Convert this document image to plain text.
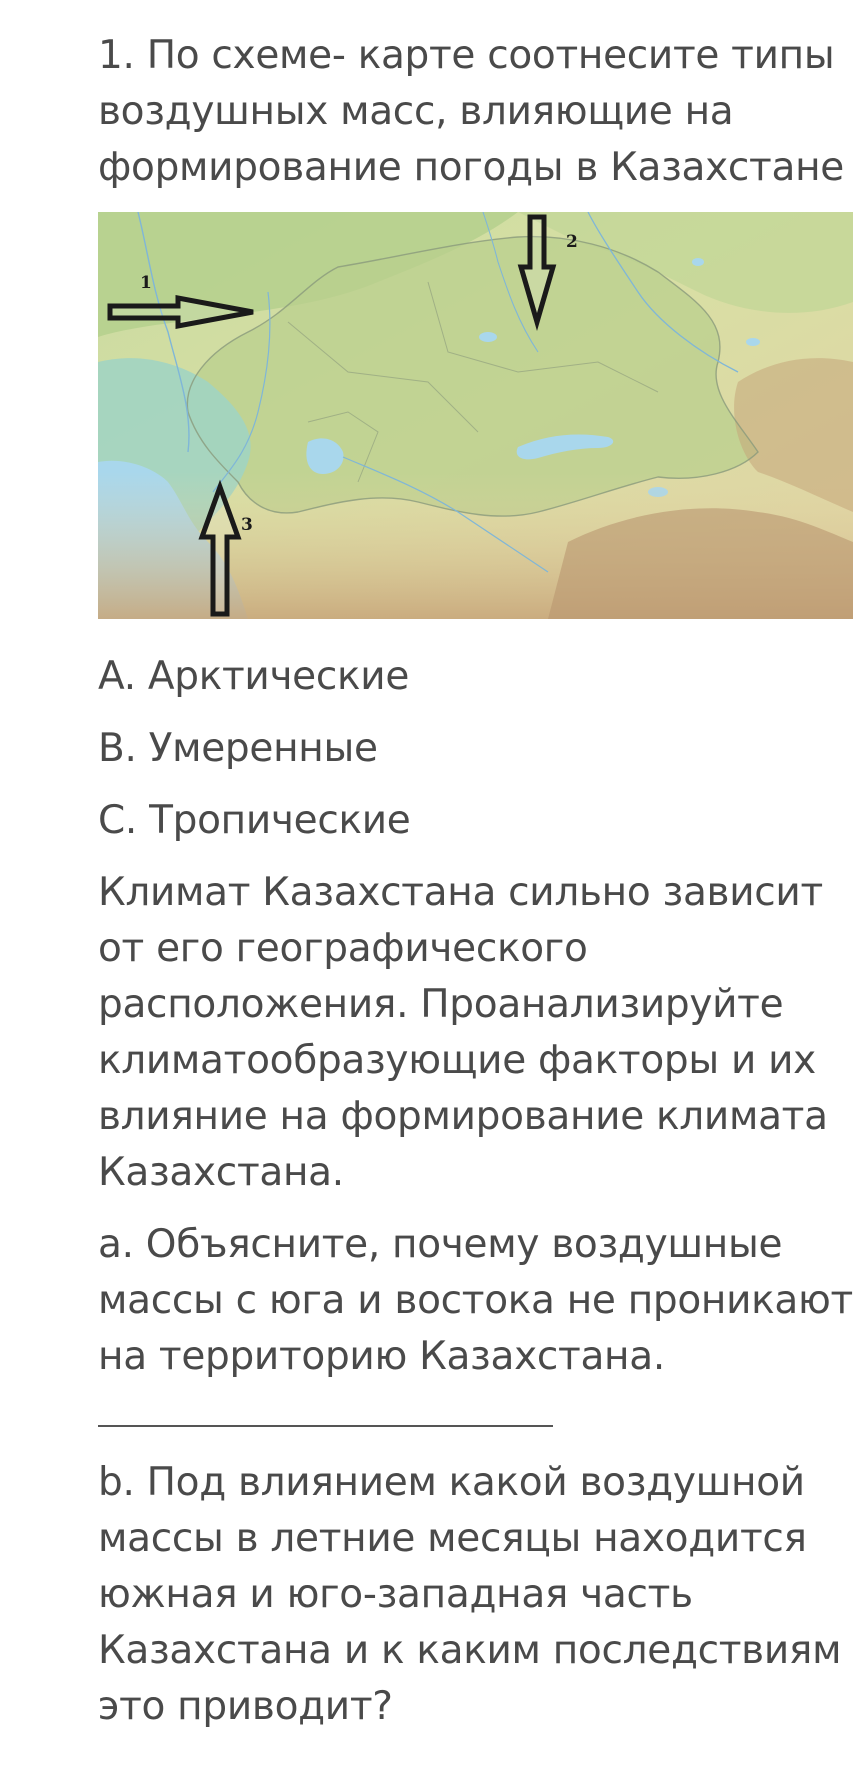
1. По схеме- карте соотнесите типы воздушных масс, влияющие на формирование погоды в Казахстане

1
2
3

A. Арктические

B. Умеренные

C. Тропические

Климат Казахстана сильно зависит от его географического расположения. Проанализируйте климатообразующие факторы и их влияние на формирование климата Казахстана.

a. Объясните, почему воздушные массы с юга и востока не проникают на территорию Казахстана.

b. Под влиянием какой воздушной массы в летние месяцы находится южная и юго-западная часть Казахстана и к каким последствиям это приводит?
